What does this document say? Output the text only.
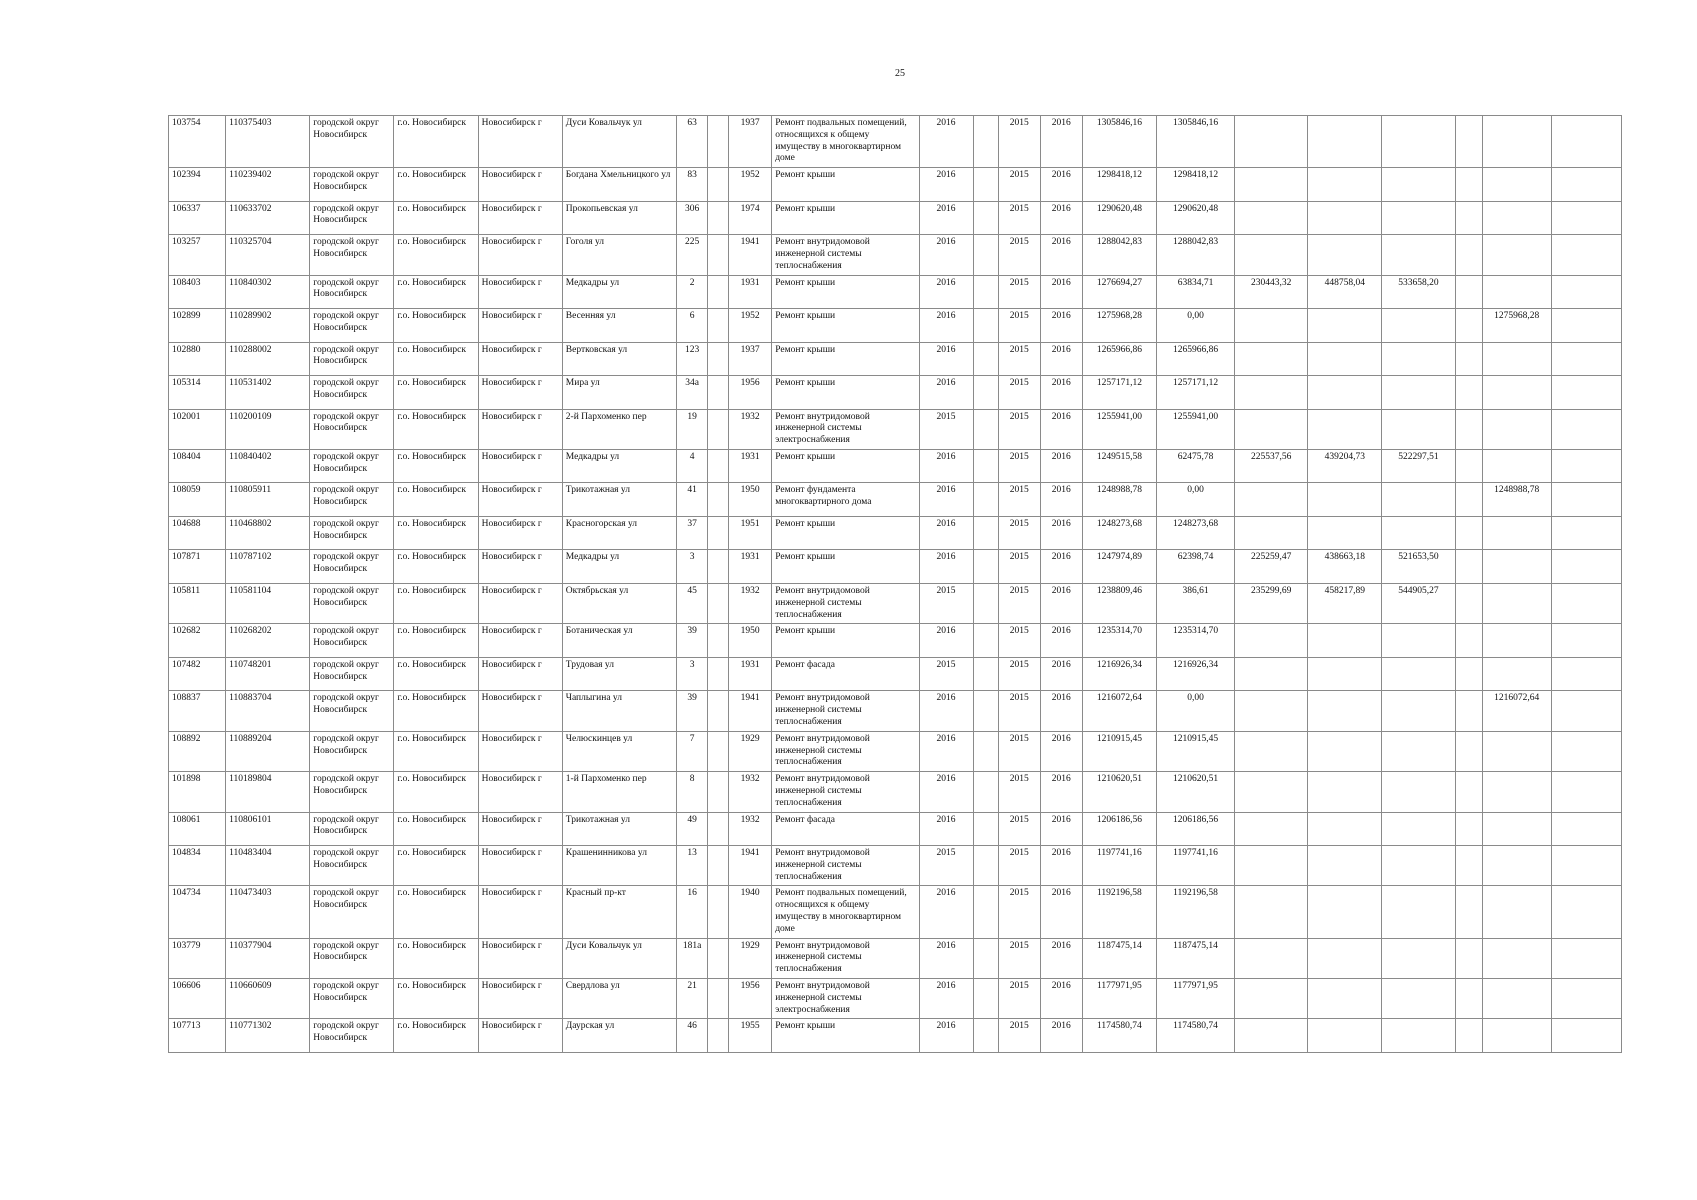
25
103754	110375403	городской округ Новосибирск	г.о. Новосибирск	Новосибирск г	Дуси Ковальчук ул	63		1937	Ремонт подвальных помещений, относящихся к общему имуществу в многоквартирном доме	2016		2015	2016	1305846,16	1305846,16						
102394	110239402	городской округ Новосибирск	г.о. Новосибирск	Новосибирск г	Богдана Хмельницкого ул	83		1952	Ремонт крыши	2016		2015	2016	1298418,12	1298418,12						
106337	110633702	городской округ Новосибирск	г.о. Новосибирск	Новосибирск г	Прокопьевская ул	306		1974	Ремонт крыши	2016		2015	2016	1290620,48	1290620,48						
103257	110325704	городской округ Новосибирск	г.о. Новосибирск	Новосибирск г	Гоголя ул	225		1941	Ремонт внутридомовой инженерной системы теплоснабжения	2016		2015	2016	1288042,83	1288042,83						
108403	110840302	городской округ Новосибирск	г.о. Новосибирск	Новосибирск г	Медкадры ул	2		1931	Ремонт крыши	2016		2015	2016	1276694,27	63834,71	230443,32	448758,04	533658,20			
102899	110289902	городской округ Новосибирск	г.о. Новосибирск	Новосибирск г	Весенняя ул	6		1952	Ремонт крыши	2016		2015	2016	1275968,28	0,00					1275968,28	
102880	110288002	городской округ Новосибирск	г.о. Новосибирск	Новосибирск г	Вертковская ул	123		1937	Ремонт крыши	2016		2015	2016	1265966,86	1265966,86						
105314	110531402	городской округ Новосибирск	г.о. Новосибирск	Новосибирск г	Мира ул	34а		1956	Ремонт крыши	2016		2015	2016	1257171,12	1257171,12						
102001	110200109	городской округ Новосибирск	г.о. Новосибирск	Новосибирск г	2-й Пархоменко пер	19		1932	Ремонт внутридомовой инженерной системы электроснабжения	2015		2015	2016	1255941,00	1255941,00						
108404	110840402	городской округ Новосибирск	г.о. Новосибирск	Новосибирск г	Медкадры ул	4		1931	Ремонт крыши	2016		2015	2016	1249515,58	62475,78	225537,56	439204,73	522297,51			
108059	110805911	городской округ Новосибирск	г.о. Новосибирск	Новосибирск г	Трикотажная ул	41		1950	Ремонт фундамента многоквартирного дома	2016		2015	2016	1248988,78	0,00					1248988,78	
104688	110468802	городской округ Новосибирск	г.о. Новосибирск	Новосибирск г	Красногорская ул	37		1951	Ремонт крыши	2016		2015	2016	1248273,68	1248273,68						
107871	110787102	городской округ Новосибирск	г.о. Новосибирск	Новосибирск г	Медкадры ул	3		1931	Ремонт крыши	2016		2015	2016	1247974,89	62398,74	225259,47	438663,18	521653,50			
105811	110581104	городской округ Новосибирск	г.о. Новосибирск	Новосибирск г	Октябрьская ул	45		1932	Ремонт внутридомовой инженерной системы теплоснабжения	2015		2015	2016	1238809,46	386,61	235299,69	458217,89	544905,27			
102682	110268202	городской округ Новосибирск	г.о. Новосибирск	Новосибирск г	Ботаническая ул	39		1950	Ремонт крыши	2016		2015	2016	1235314,70	1235314,70						
107482	110748201	городской округ Новосибирск	г.о. Новосибирск	Новосибирск г	Трудовая ул	3		1931	Ремонт фасада	2015		2015	2016	1216926,34	1216926,34						
108837	110883704	городской округ Новосибирск	г.о. Новосибирск	Новосибирск г	Чаплыгина ул	39		1941	Ремонт внутридомовой инженерной системы теплоснабжения	2016		2015	2016	1216072,64	0,00					1216072,64	
108892	110889204	городской округ Новосибирск	г.о. Новосибирск	Новосибирск г	Челюскинцев ул	7		1929	Ремонт внутридомовой инженерной системы теплоснабжения	2016		2015	2016	1210915,45	1210915,45						
101898	110189804	городской округ Новосибирск	г.о. Новосибирск	Новосибирск г	1-й Пархоменко пер	8		1932	Ремонт внутридомовой инженерной системы теплоснабжения	2016		2015	2016	1210620,51	1210620,51						
108061	110806101	городской округ Новосибирск	г.о. Новосибирск	Новосибирск г	Трикотажная ул	49		1932	Ремонт фасада	2016		2015	2016	1206186,56	1206186,56						
104834	110483404	городской округ Новосибирск	г.о. Новосибирск	Новосибирск г	Крашенинникова ул	13		1941	Ремонт внутридомовой инженерной системы теплоснабжения	2015		2015	2016	1197741,16	1197741,16						
104734	110473403	городской округ Новосибирск	г.о. Новосибирск	Новосибирск г	Красный пр-кт	16		1940	Ремонт подвальных помещений, относящихся к общему имуществу в многоквартирном доме	2016		2015	2016	1192196,58	1192196,58						
103779	110377904	городской округ Новосибирск	г.о. Новосибирск	Новосибирск г	Дуси Ковальчук ул	181а		1929	Ремонт внутридомовой инженерной системы теплоснабжения	2016		2015	2016	1187475,14	1187475,14						
106606	110660609	городской округ Новосибирск	г.о. Новосибирск	Новосибирск г	Свердлова ул	21		1956	Ремонт внутридомовой инженерной системы электроснабжения	2016		2015	2016	1177971,95	1177971,95						
107713	110771302	городской округ Новосибирск	г.о. Новосибирск	Новосибирск г	Даурская ул	46		1955	Ремонт крыши	2016		2015	2016	1174580,74	1174580,74						
